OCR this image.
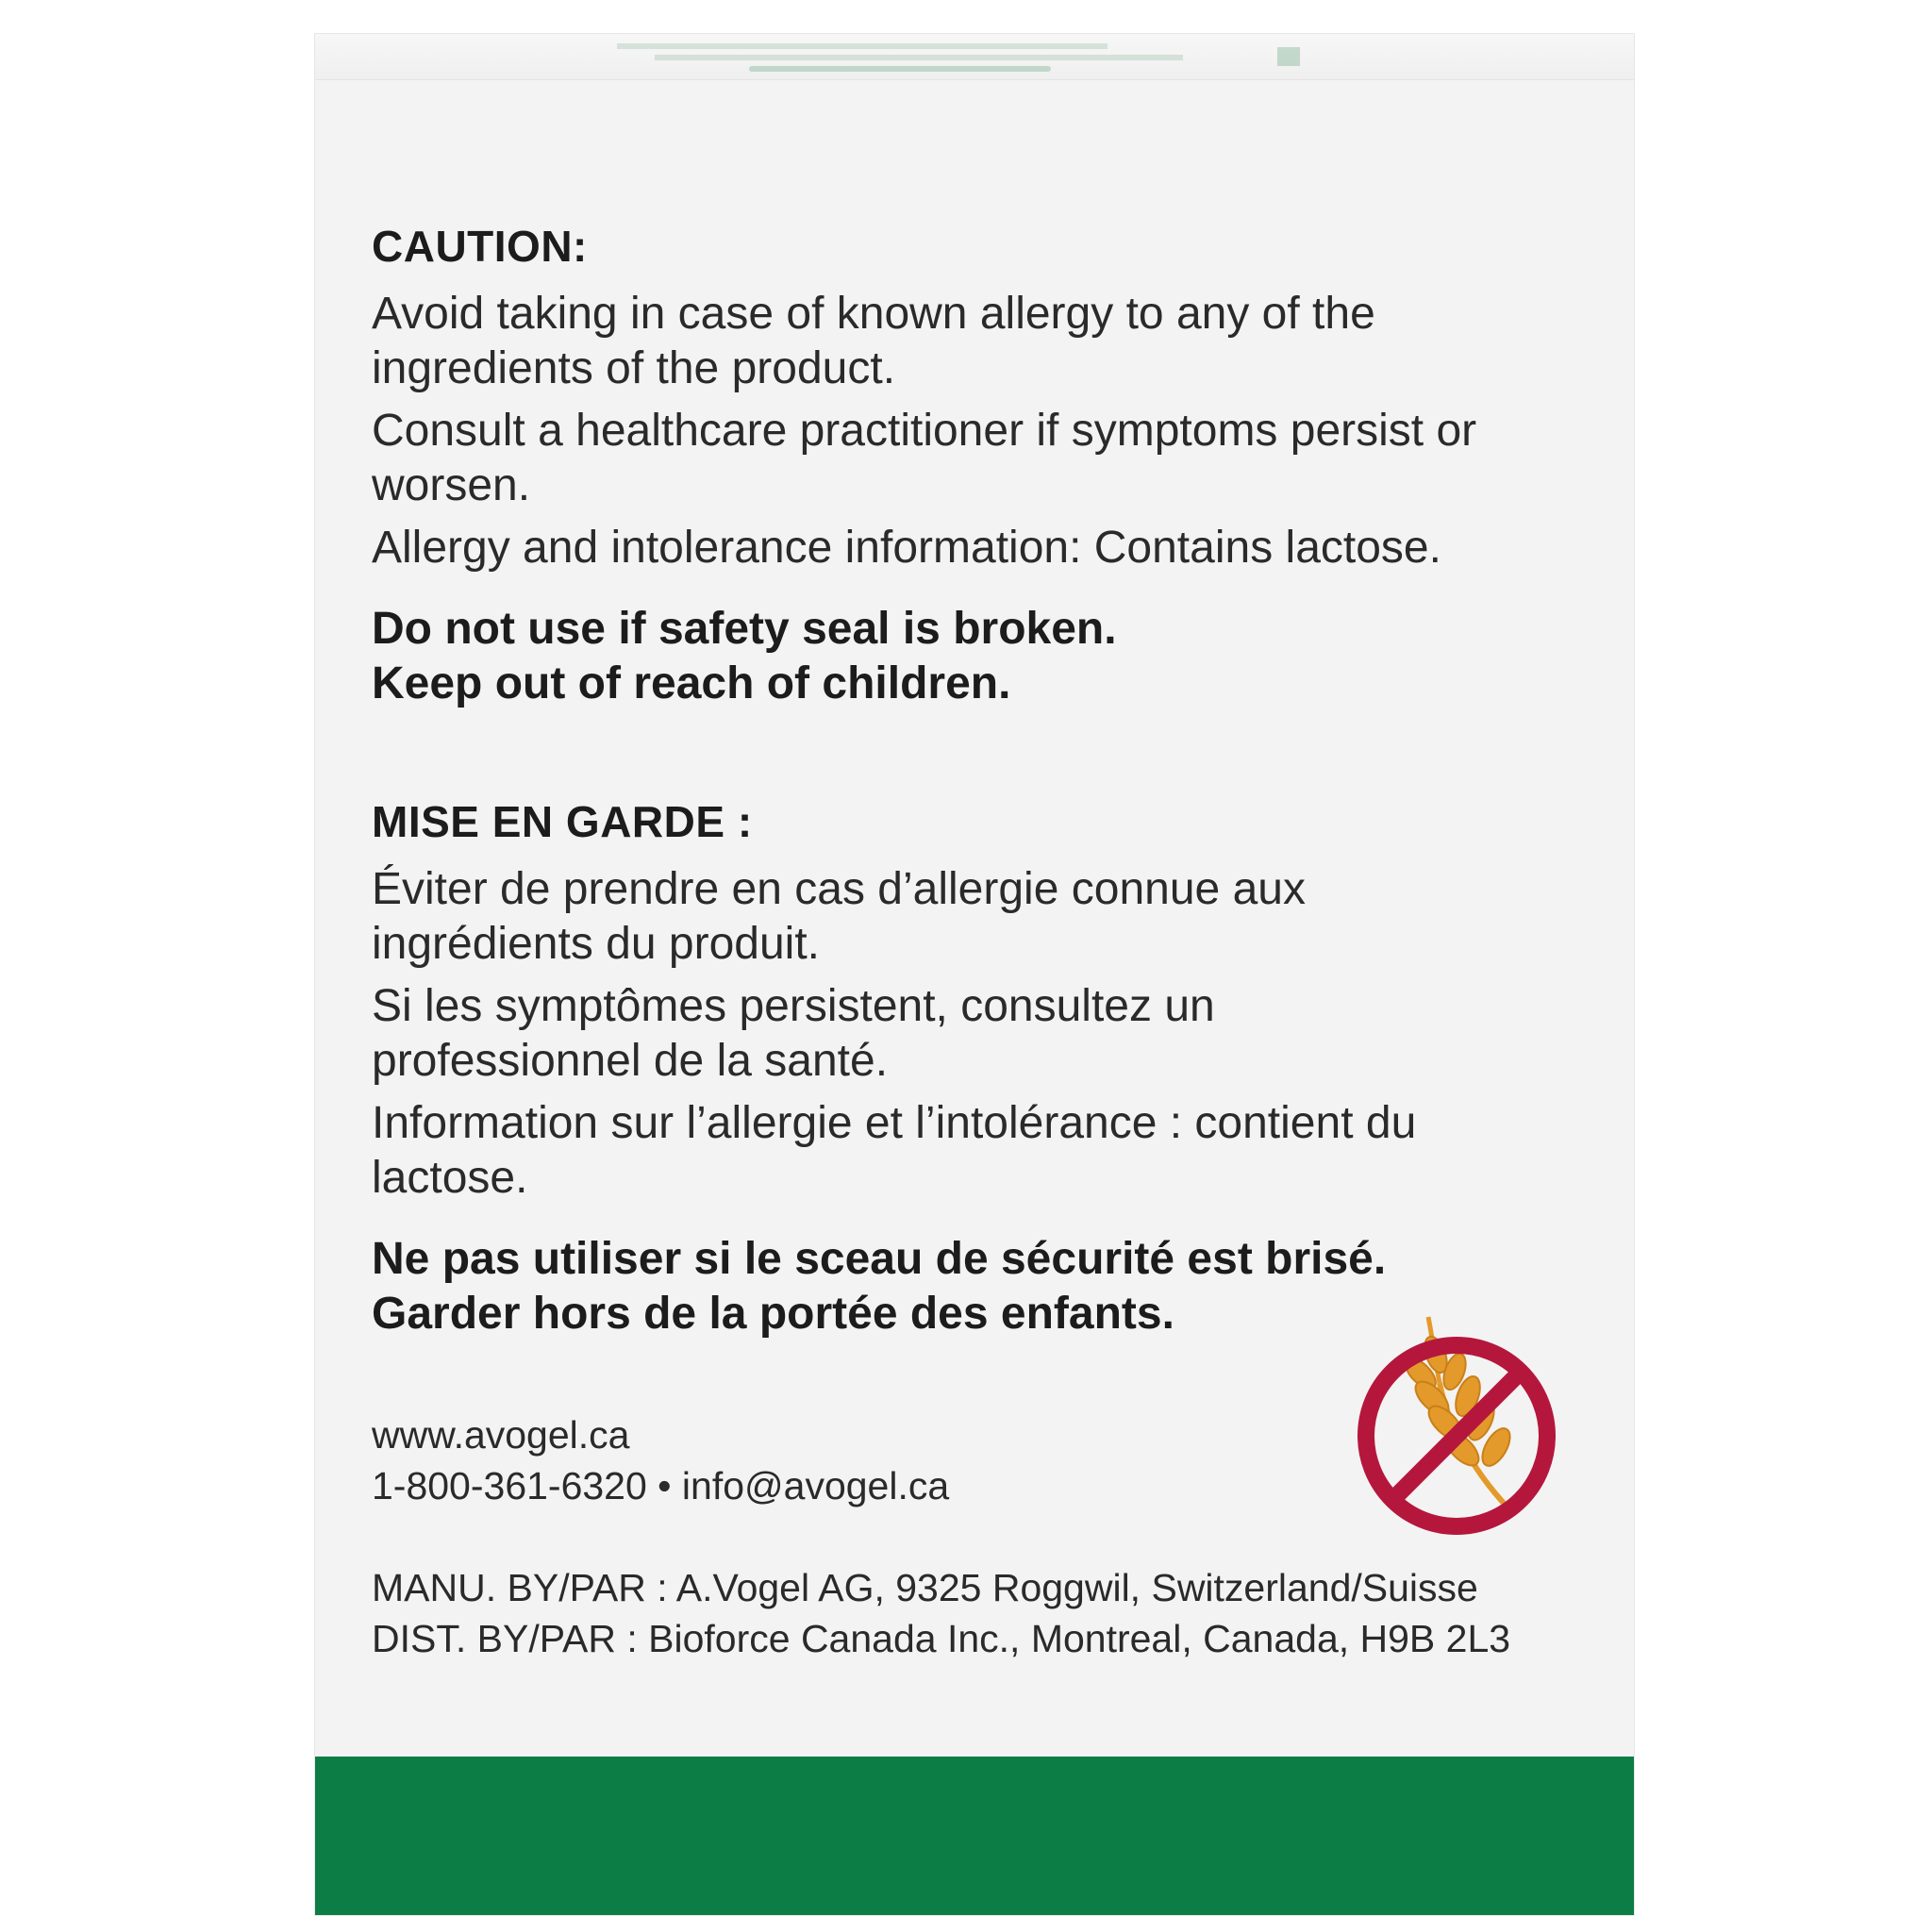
CAUTION:
Avoid taking in case of known allergy to any of the ingredients of the product.
Consult a healthcare practitioner if symptoms persist or worsen.
Allergy and intolerance information: Contains lactose.
Do not use if safety seal is broken.
Keep out of reach of children.
MISE EN GARDE :
Éviter de prendre en cas d’allergie connue aux ingrédients du produit.
Si les symptômes persistent, consultez un professionnel de la santé.
Information sur l’allergie et l’intolérance : contient du lactose.
Ne pas utiliser si le sceau de sécurité est brisé.
Garder hors de la portée des enfants.
www.avogel.ca
1-800-361-6320 • info@avogel.ca
MANU. BY/PAR : A.Vogel AG, 9325 Roggwil, Switzerland/Suisse
DIST. BY/PAR : Bioforce Canada Inc., Montreal, Canada, H9B 2L3
